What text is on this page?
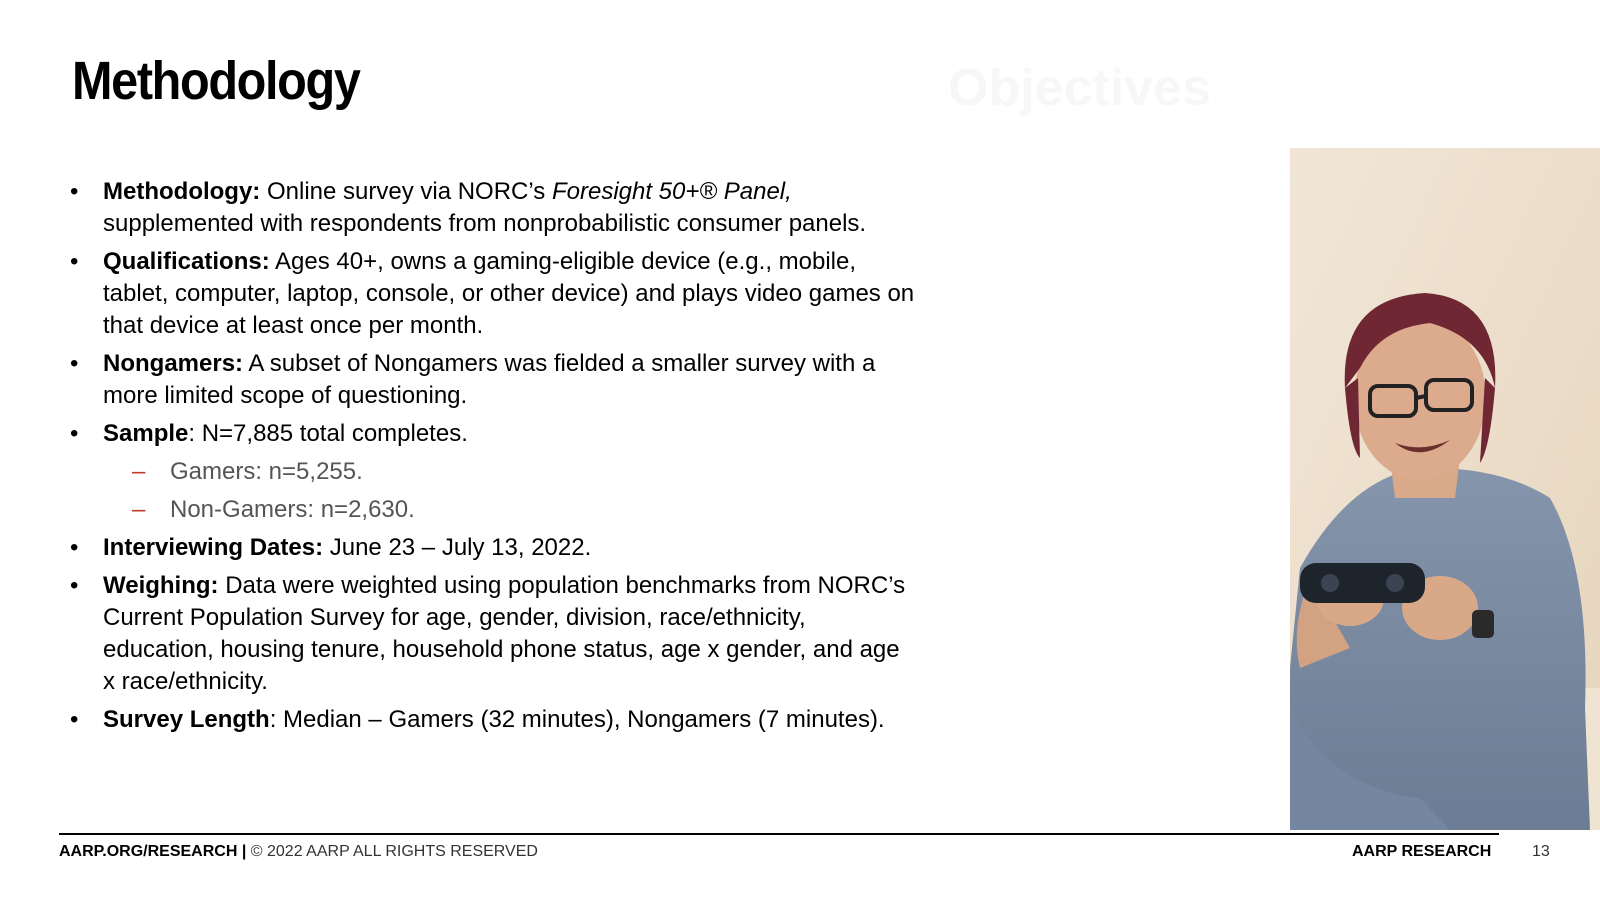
Methodology	Objectives
• Methodology: Online survey via NORC’s Foresight 50+® Panel, supplemented with respondents from nonprobabilistic consumer panels.
• Qualifications: Ages 40+, owns a gaming-eligible device (e.g., mobile, tablet, computer, laptop, console, or other device) and plays video games on that device at least once per month.
• Nongamers: A subset of Nongamers was fielded a smaller survey with a more limited scope of questioning.
• Sample: N=7,885 total completes.
– Gamers: n=5,255.
– Non-Gamers: n=2,630.
• Interviewing Dates: June 23 – July 13, 2022.
• Weighing: Data were weighted using population benchmarks from NORC’s Current Population Survey for age, gender, division, race/ethnicity, education, housing tenure, household phone status, age x gender, and age x race/ethnicity.
• Survey Length: Median – Gamers (32 minutes), Nongamers (7 minutes).
AARP.ORG/RESEARCH | © 2022 AARP ALL RIGHTS RESERVED	AARP RESEARCH	13
